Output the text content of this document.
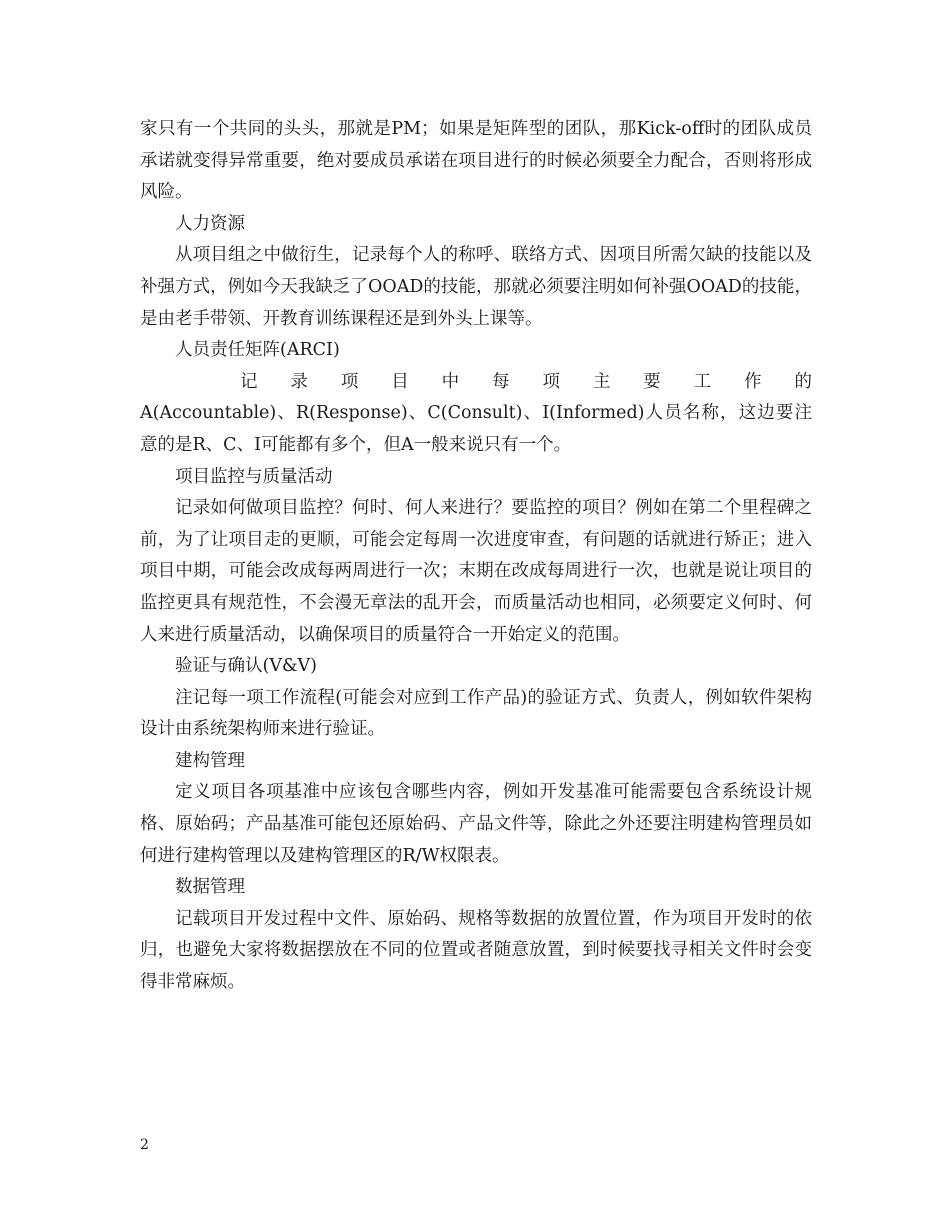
家只有一个共同的头头，那就是PM；如果是矩阵型的团队，那Kick-off时的团队成员承诺就变得异常重要，绝对要成员承诺在项目进行的时候必须要全力配合，否则将形成风险。

人力资源

从项目组之中做衍生，记录每个人的称呼、联络方式、因项目所需欠缺的技能以及补强方式，例如今天我缺乏了OOAD的技能，那就必须要注明如何补强OOAD的技能，是由老手带领、开教育训练课程还是到外头上课等。

人员责任矩阵(ARCI)

记 录 项 目 中 每 项 主 要 工 作 的

A(Accountable)、R(Response)、C(Consult)、I(Informed)人员名称，这边要注意的是R、C、I可能都有多个，但A一般来说只有一个。

项目监控与质量活动

记录如何做项目监控？何时、何人来进行？要监控的项目？例如在第二个里程碑之前，为了让项目走的更顺，可能会定每周一次进度审查，有问题的话就进行矫正；进入项目中期，可能会改成每两周进行一次；末期在改成每周进行一次，也就是说让项目的监控更具有规范性，不会漫无章法的乱开会，而质量活动也相同，必须要定义何时、何人来进行质量活动，以确保项目的质量符合一开始定义的范围。

验证与确认(V&V)

注记每一项工作流程(可能会对应到工作产品)的验证方式、负责人，例如软件架构设计由系统架构师来进行验证。

建构管理

定义项目各项基准中应该包含哪些内容，例如开发基准可能需要包含系统设计规格、原始码；产品基准可能包还原始码、产品文件等，除此之外还要注明建构管理员如何进行建构管理以及建构管理区的R/W权限表。

数据管理

记载项目开发过程中文件、原始码、规格等数据的放置位置，作为项目开发时的依归，也避免大家将数据摆放在不同的位置或者随意放置，到时候要找寻相关文件时会变得非常麻烦。

2
